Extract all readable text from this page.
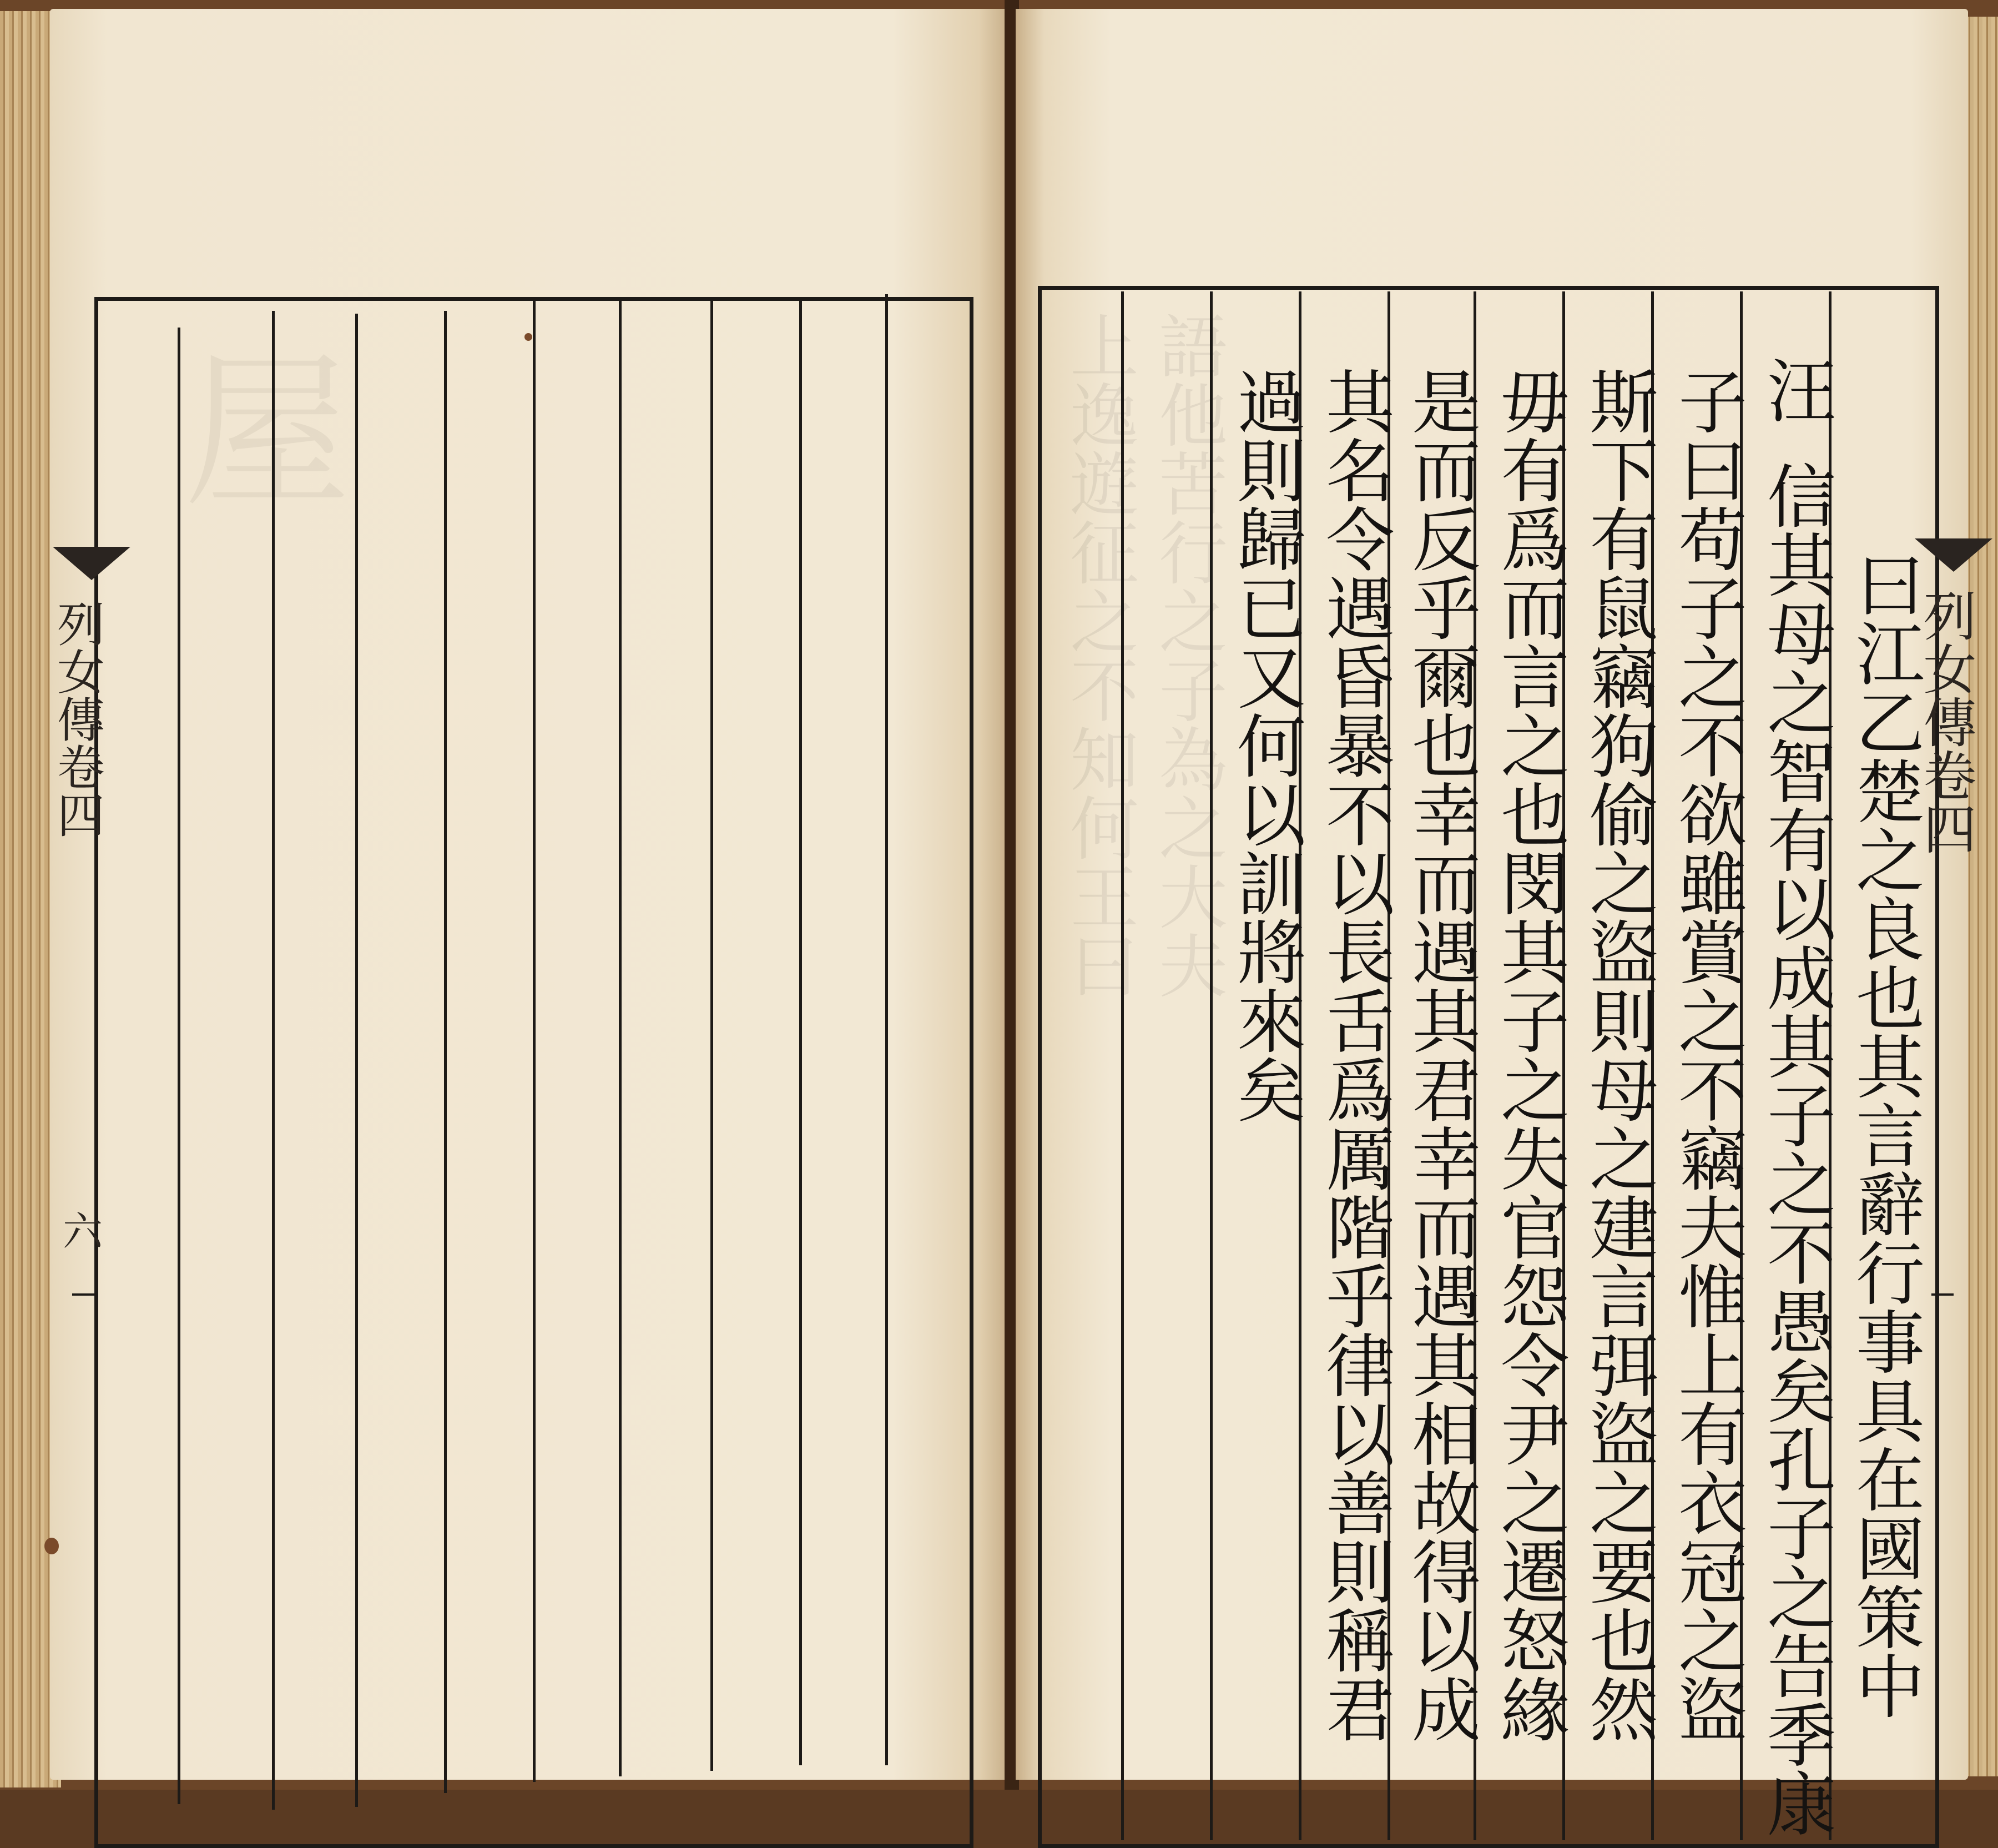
屋
列女傳卷四
六
上逸遊征之不知何王曰 語他苦行之子為之大夫	汪
曰江乙楚之良也其言辭行事具在國策中
信其母之智有以成其子之不愚矣孔子之告季康
子曰苟子之不欲雖賞之不竊夫惟上有衣冠之盜
斯下有鼠竊狗偷之盜則母之建言弭盜之要也然
毋有爲而言之也閔其子之失官怨令尹之遷怒緣
是而反乎爾也幸而遇其君幸而遇其相故得以成
其名令遇昏暴不以長舌爲厲階乎律以善則稱君
過則歸已又何以訓將來矣	列女傳卷四
